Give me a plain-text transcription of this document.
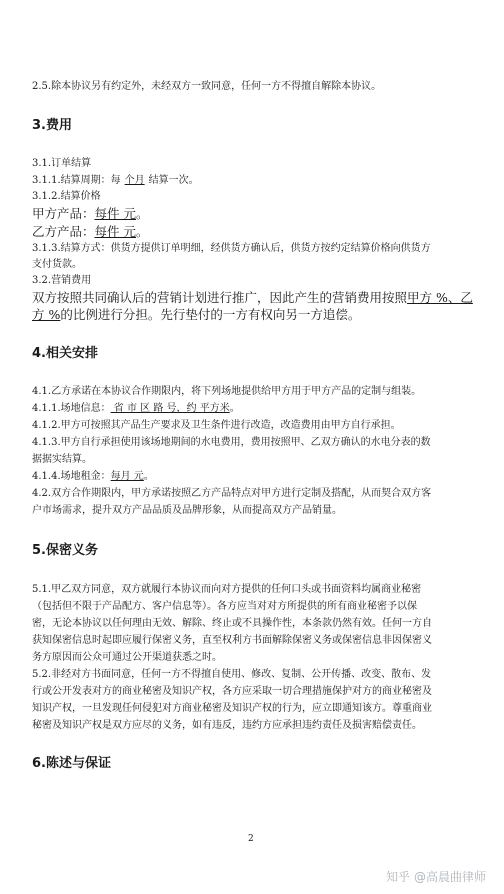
2.5.除本协议另有约定外，未经双方一致同意，任何一方不得擅自解除本协议。
3.费用
3.1.订单结算
3.1.1.结算周期：每 个月 结算一次。
3.1.2.结算价格
甲方产品：每件 元。
乙方产品：每件 元。
3.1.3.结算方式：供货方提供订单明细，经供货方确认后，供货方按约定结算价格向供货方
支付货款。
3.2.营销费用
双方按照共同确认后的营销计划进行推广，因此产生的营销费用按照甲方 %、乙
方 %的比例进行分担。先行垫付的一方有权向另一方追偿。
4.相关安排
4.1.乙方承诺在本协议合作期限内，将下列场地提供给甲方用于甲方产品的定制与组装。
4.1.1.场地信息： 省 市 区 路 号，约 平方米。
4.1.2.甲方可按照其产品生产要求及卫生条件进行改造，改造费用由甲方自行承担。
4.1.3.甲方自行承担使用该场地期间的水电费用，费用按照甲、乙双方确认的水电分表的数
据据实结算。
4.1.4.场地租金：每月 元。
4.2.双方合作期限内，甲方承诺按照乙方产品特点对甲方进行定制及搭配，从而契合双方客
户市场需求，提升双方产品品质及品牌形象，从而提高双方产品销量。
5.保密义务
5.1.甲乙双方同意，双方就履行本协议而向对方提供的任何口头或书面资料均属商业秘密
（包括但不限于产品配方、客户信息等）。各方应当对对方所提供的所有商业秘密予以保
密，无论本协议以任何理由无效、解除、终止或不具操作性，本条款仍然有效。任何一方自
获知保密信息时起即应履行保密义务，直至权利方书面解除保密义务或保密信息非因保密义
务方原因而公众可通过公开渠道获悉之时。
5.2.非经对方书面同意，任何一方不得擅自使用、修改、复制、公开传播、改变、散布、发
行或公开发表对方的商业秘密及知识产权，各方应采取一切合理措施保护对方的商业秘密及
知识产权，一旦发现任何侵犯对方商业秘密及知识产权的行为，应立即通知该方。尊重商业
秘密及知识产权是双方应尽的义务，如有违反，违约方应承担违约责任及损害赔偿责任。
6.陈述与保证
2
知乎 @高晨曲律师
